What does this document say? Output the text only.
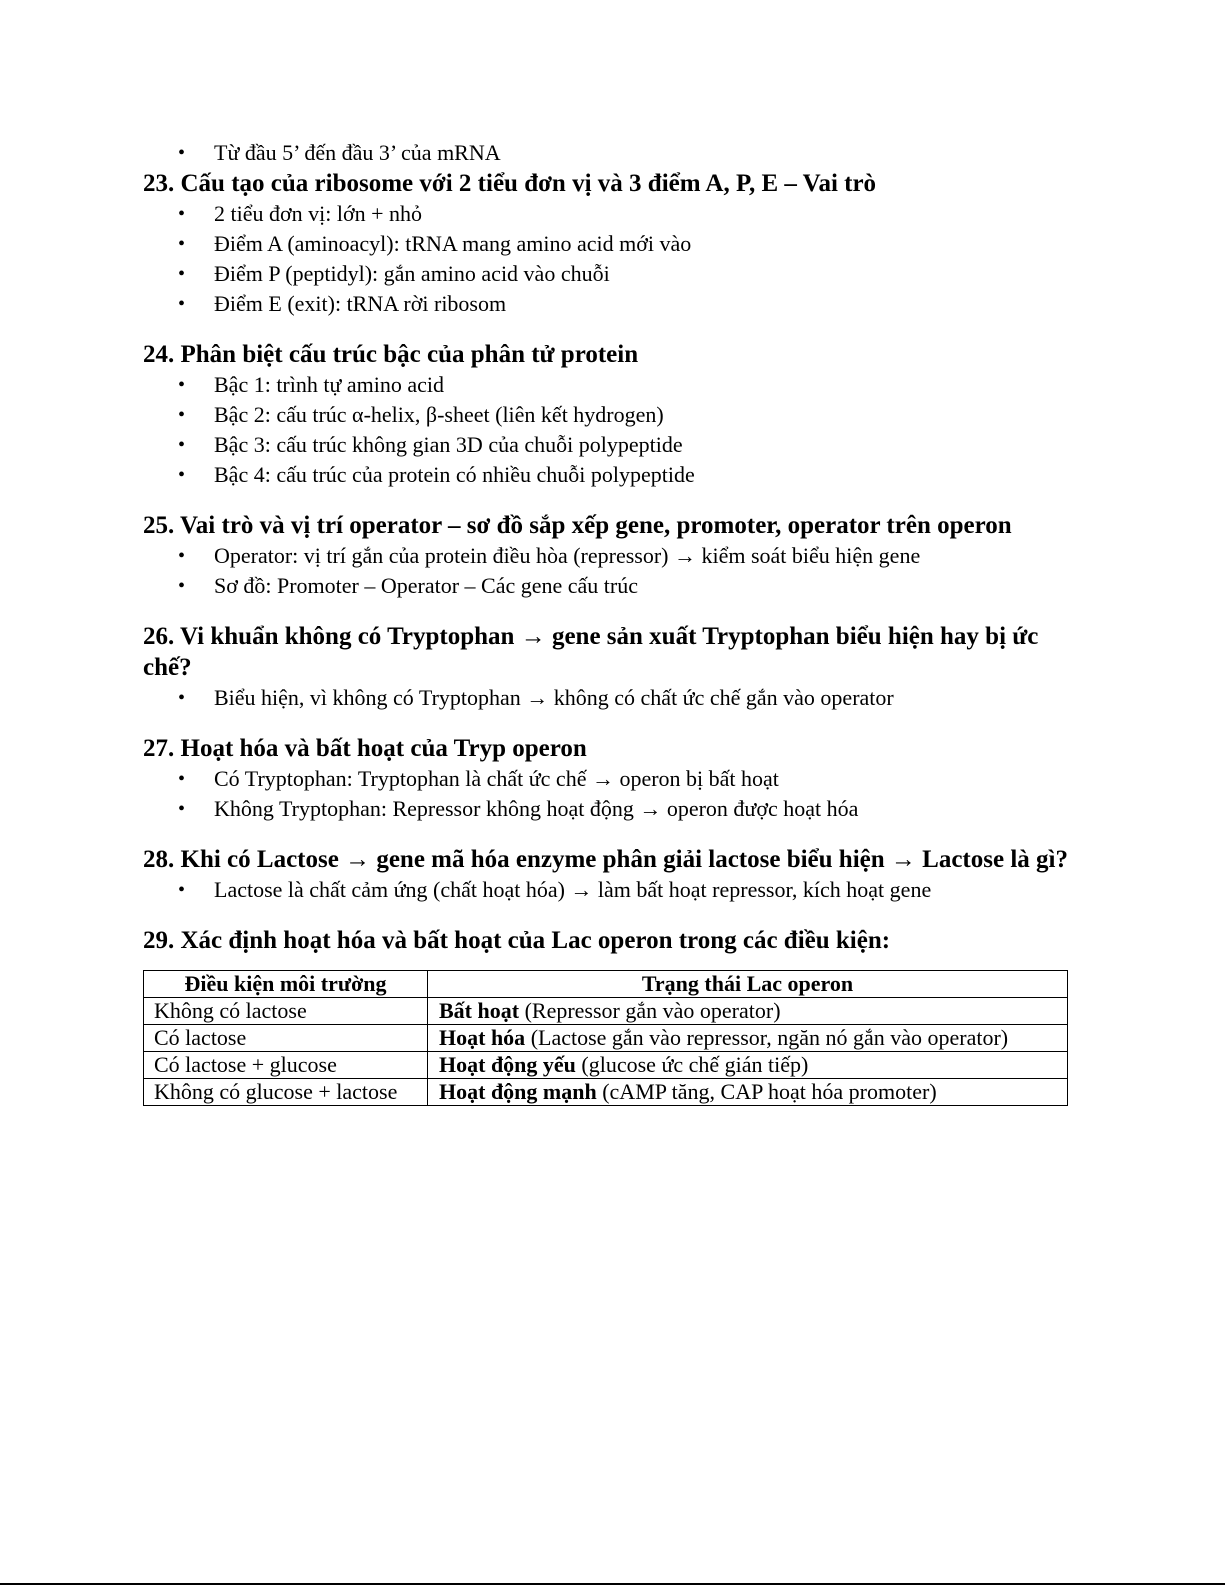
• Từ đầu 5’ đến đầu 3’ của mRNA
23. Cấu tạo của ribosome với 2 tiểu đơn vị và 3 điểm A, P, E – Vai trò
• 2 tiểu đơn vị: lớn + nhỏ
• Điểm A (aminoacyl): tRNA mang amino acid mới vào
• Điểm P (peptidyl): gắn amino acid vào chuỗi
• Điểm E (exit): tRNA rời ribosom
24. Phân biệt cấu trúc bậc của phân tử protein
• Bậc 1: trình tự amino acid
• Bậc 2: cấu trúc α-helix, β-sheet (liên kết hydrogen)
• Bậc 3: cấu trúc không gian 3D của chuỗi polypeptide
• Bậc 4: cấu trúc của protein có nhiều chuỗi polypeptide
25. Vai trò và vị trí operator – sơ đồ sắp xếp gene, promoter, operator trên operon
• Operator: vị trí gắn của protein điều hòa (repressor) → kiểm soát biểu hiện gene
• Sơ đồ: Promoter – Operator – Các gene cấu trúc
26. Vi khuẩn không có Tryptophan → gene sản xuất Tryptophan biểu hiện hay bị ức chế?
• Biểu hiện, vì không có Tryptophan → không có chất ức chế gắn vào operator
27. Hoạt hóa và bất hoạt của Tryp operon
• Có Tryptophan: Tryptophan là chất ức chế → operon bị bất hoạt
• Không Tryptophan: Repressor không hoạt động → operon được hoạt hóa
28. Khi có Lactose → gene mã hóa enzyme phân giải lactose biểu hiện → Lactose là gì?
• Lactose là chất cảm ứng (chất hoạt hóa) → làm bất hoạt repressor, kích hoạt gene
29. Xác định hoạt hóa và bất hoạt của Lac operon trong các điều kiện:
Điều kiện môi trường	Trạng thái Lac operon
Không có lactose	Bất hoạt (Repressor gắn vào operator)
Có lactose	Hoạt hóa (Lactose gắn vào repressor, ngăn nó gắn vào operator)
Có lactose + glucose	Hoạt động yếu (glucose ức chế gián tiếp)
Không có glucose + lactose	Hoạt động mạnh (cAMP tăng, CAP hoạt hóa promoter)
